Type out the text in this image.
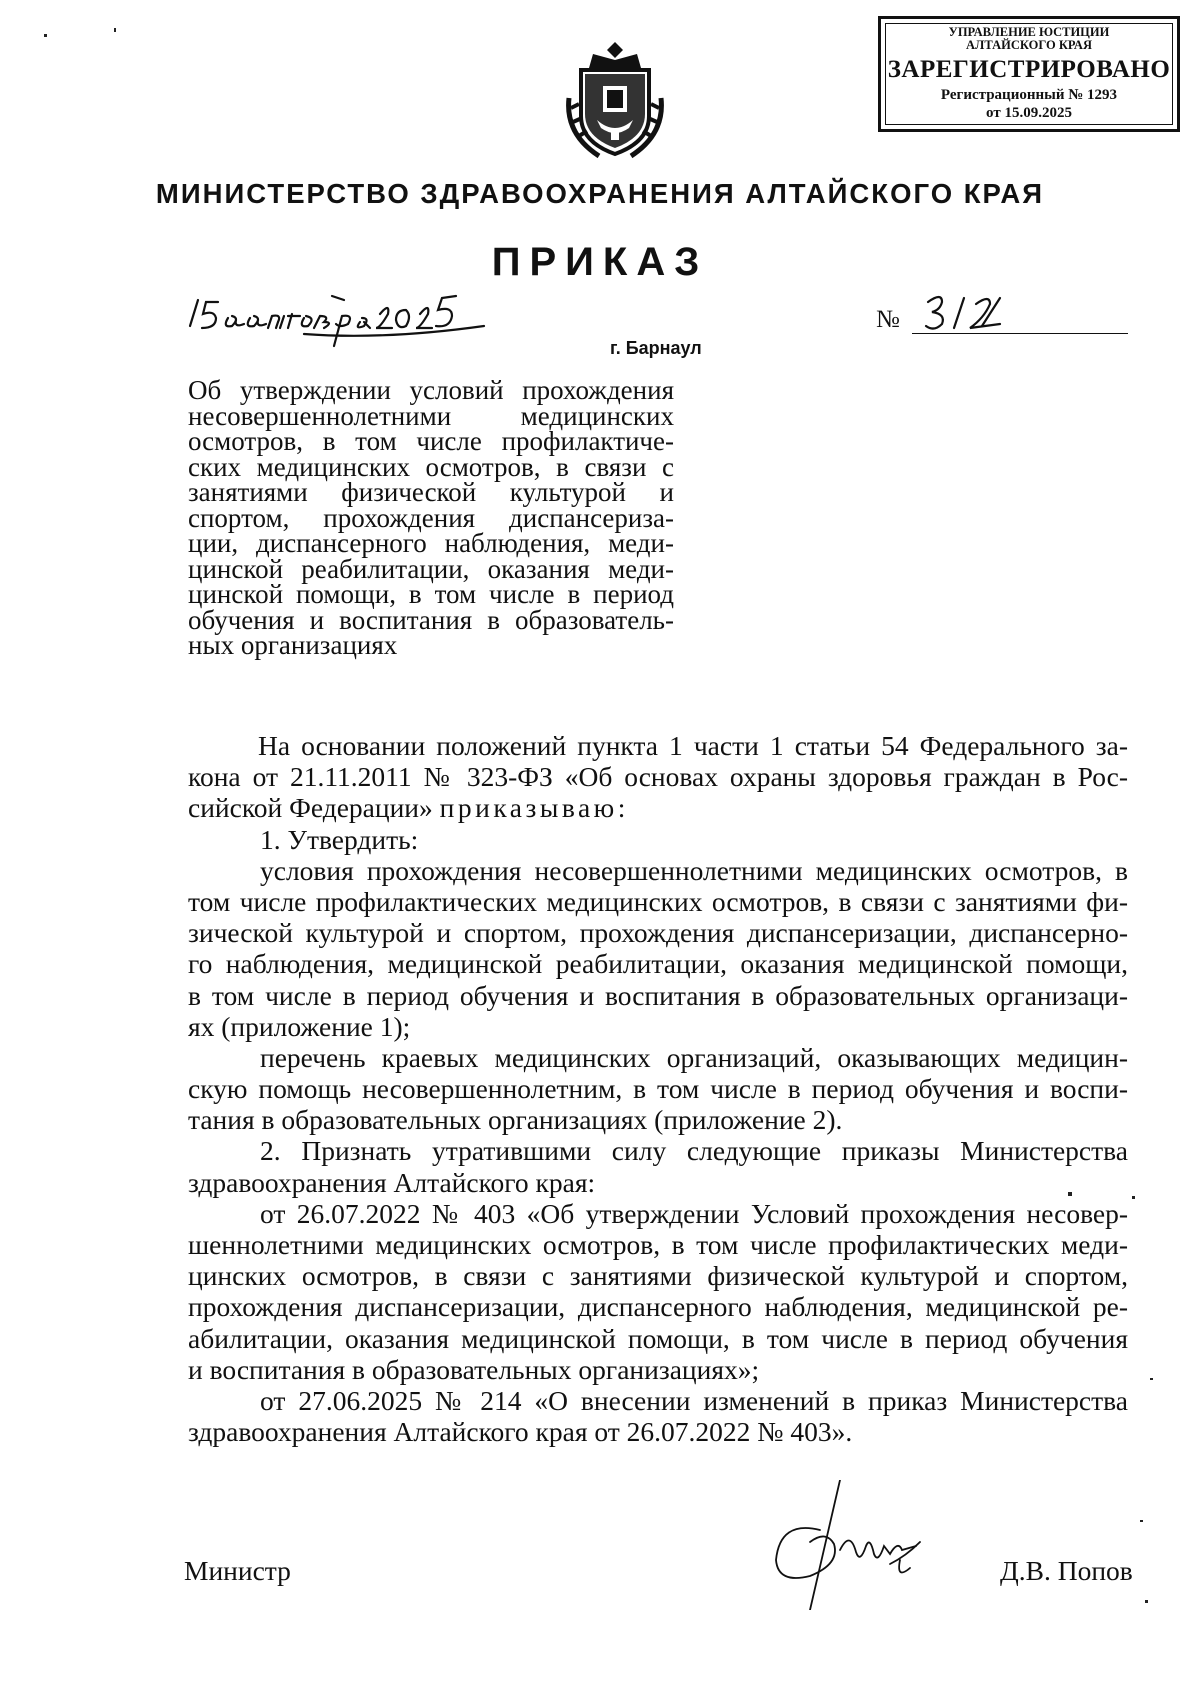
УПРАВЛЕНИЕ ЮСТИЦИИ
АЛТАЙСКОГО КРАЯ
ЗАРЕГИСТРИРОВАНО
Регистрационный № 1293
от 15.09.2025
МИНИСТЕРСТВО ЗДРАВООХРАНЕНИЯ АЛТАЙСКОГО КРАЯ
ПРИКАЗ
№
г. Барнаул
Об утверждении условий прохождения
несовершеннолетними медицинских
осмотров, в том числе профилактиче-
ских медицинских осмотров, в связи с
занятиями физической культурой и
спортом, прохождения диспансеризa-
ции, диспансерного наблюдения, меди-
цинской реабилитации, оказания меди-
цинской помощи, в том числе в период
обучения и воспитания в образователь-
ных организациях
На основании положений пункта 1 части 1 статьи 54 Федерального за-
кона от 21.11.2011 № 323-ФЗ «Об основах охраны здоровья граждан в Рос-
сийской Федерации» приказываю:
1. Утвердить:
условия прохождения несовершеннолетними медицинских осмотров, в
том числе профилактических медицинских осмотров, в связи с занятиями фи-
зической культурой и спортом, прохождения диспансеризации, диспансерно-
го наблюдения, медицинской реабилитации, оказания медицинской помощи,
в том числе в период обучения и воспитания в образовательных организаци-
ях (приложение 1);
перечень краевых медицинских организаций, оказывающих медицин-
скую помощь несовершеннолетним, в том числе в период обучения и воспи-
тания в образовательных организациях (приложение 2).
2. Признать утратившими силу следующие приказы Министерства
здравоохранения Алтайского края:
от 26.07.2022 № 403 «Об утверждении Условий прохождения несовер-
шеннолетними медицинских осмотров, в том числе профилактических меди-
цинских осмотров, в связи с занятиями физической культурой и спортом,
прохождения диспансеризации, диспансерного наблюдения, медицинской ре-
абилитации, оказания медицинской помощи, в том числе в период обучения
и воспитания в образовательных организациях»;
от 27.06.2025 № 214 «О внесении изменений в приказ Министерства
здравоохранения Алтайского края от 26.07.2022 № 403».
Министр	Д.В. Попов
